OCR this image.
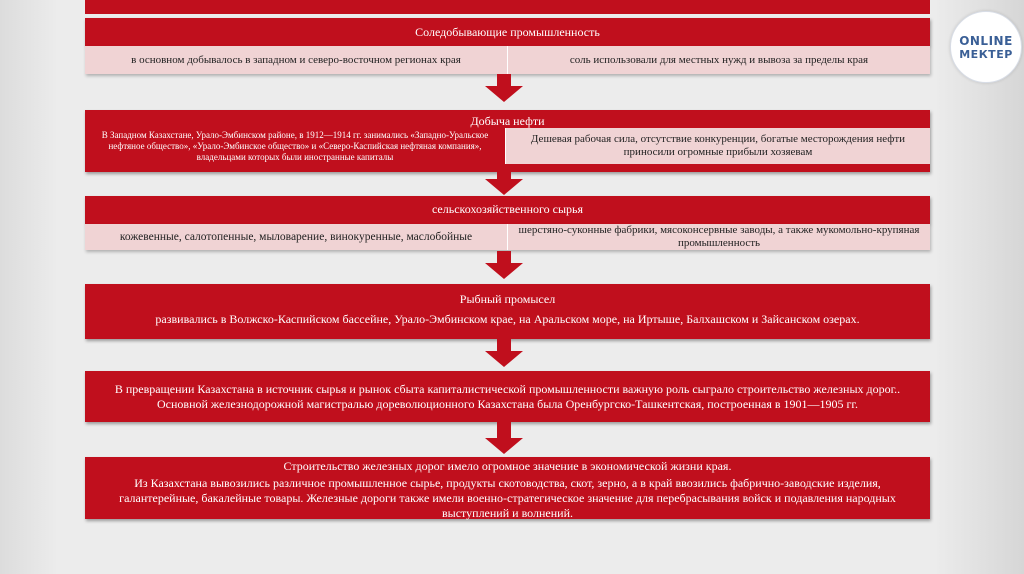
ONLINE
МЕКТЕР
Соледобывающие промышленность
в основном добывалось в западном и северо-восточном регионах края	соль использовали для местных нужд и вывоза за пределы края
Добыча нефти
В Западном Казахстане, Урало-Эмбинском районе, в 1912—1914 гг. занимались «Западно-Уральское нефтяное общество», «Урало-Эмбинское общество» и «Северо-Каспийская нефтяная компания», владельцами которых были иностранные капиталы
Дешевая рабочая сила, отсутствие конкуренции, богатые месторождения нефти приносили огромные прибыли хозяевам
сельскохозяйственного сырья
кожевенные, салотопенные, мыловарение, винокуренные, маслобойные
шерстяно-суконные фабрики, мясоконсервные заводы, а также мукомольно-крупяная промышленность
Рыбный промысел
развивались в Волжско-Каспийском бассейне, Урало-Эмбинском крае, на Аральском море, на Иртыше, Балхашском и Зайсанском озерах.
В превращении Казахстана в источник сырья и рынок сбыта капиталистической промышленности важную роль сыграло строительство железных дорог.. Основной железнодорожной магистралью дореволюционного Казахстана была Оренбургско-Ташкентская, построенная в 1901—1905 гг.
Строительство железных дорог имело огромное значение в экономической жизни края.
Из Казахстана вывозились различное промышленное сырье, продукты скотоводства, скот, зерно, а в край ввозились фабрично-заводские изделия, галантерейные, бакалейные товары. Железные дороги также имели военно-стратегическое значение для перебрасывания войск и подавления народных выступлений и волнений.
